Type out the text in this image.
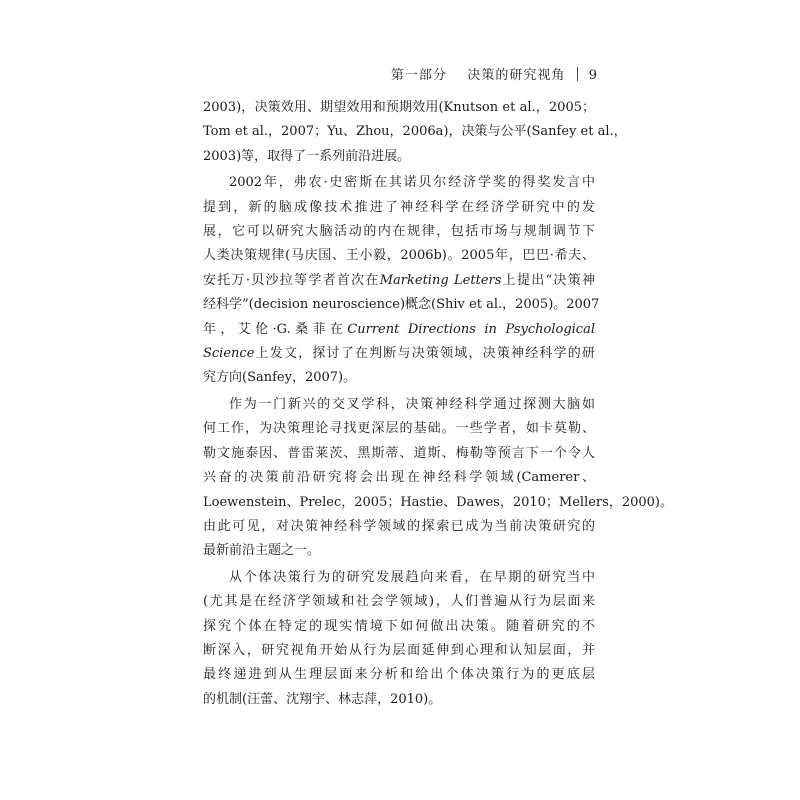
第一部分 决策的研究视角 9

2003)，决策效用、期望效用和预期效用(Knutson et al.，2005；
Tom et al.，2007；Yu、Zhou，2006a)，决策与公平(Sanfey et al.，
2003)等，取得了一系列前沿进展。

2002年，弗农·史密斯在其诺贝尔经济学奖的得奖发言中
提到，新的脑成像技术推进了神经科学在经济学研究中的发
展，它可以研究大脑活动的内在规律，包括市场与规制调节下
人类决策规律(马庆国、王小毅，2006b)。2005年，巴巴·希夫、
安托万·贝沙拉等学者首次在Marketing Letters上提出“决策神
经科学”(decision neuroscience)概念(Shiv et al.，2005)。2007
年，艾伦·G.桑菲在Current Directions in Psychological
Science上发文，探讨了在判断与决策领域，决策神经科学的研
究方向(Sanfey，2007)。

作为一门新兴的交叉学科，决策神经科学通过探测大脑如
何工作，为决策理论寻找更深层的基础。一些学者，如卡莫勒、
勒文施泰因、普雷莱茨、黑斯蒂、道斯、梅勒等预言下一个令人
兴奋的决策前沿研究将会出现在神经科学领域(Camerer、
Loewenstein、Prelec，2005；Hastie、Dawes，2010；Mellers，2000)。
由此可见，对决策神经科学领域的探索已成为当前决策研究的
最新前沿主题之一。

从个体决策行为的研究发展趋向来看，在早期的研究当中
(尤其是在经济学领域和社会学领域)，人们普遍从行为层面来
探究个体在特定的现实情境下如何做出决策。随着研究的不
断深入，研究视角开始从行为层面延伸到心理和认知层面，并
最终递进到从生理层面来分析和给出个体决策行为的更底层
的机制(汪蕾、沈翔宇、林志萍，2010)。
